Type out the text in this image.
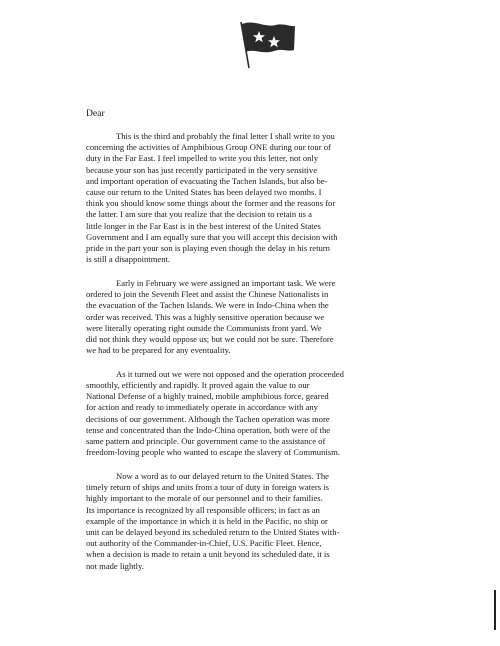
Dear

This is the third and probably the final letter I shall write to you
concerning the activities of Amphibious Group ONE during our tour of
duty in the Far East. I feel impelled to write you this letter, not only
because your son has just recently participated in the very sensitive
and important operation of evacuating the Tachen Islands, but also be-
cause our return to the United States has been delayed two months. I
think you should know some things about the former and the reasons for
the latter. I am sure that you realize that the decision to retain us a
little longer in the Far East is in the best interest of the United States
Government and I am equally sure that you will accept this decision with
pride in the part your son is playing even though the delay in his return
is still a disappointment.
Early in February we were assigned an important task. We were
ordered to join the Seventh Fleet and assist the Chinese Nationalists in
the evacuation of the Tachen Islands. We were in Indo-China when the
order was received. This was a highly sensitive operation because we
were literally operating right outside the Communists front yard. We
did not think they would oppose us; but we could not be sure. Therefore
we had to be prepared for any eventuality.
As it turned out we were not opposed and the operation proceeded
smoothly, efficiently and rapidly. It proved again the value to our
National Defense of a highly trained, mobile amphibious force, geared
for action and ready to immediately operate in accordance with any
decisions of our government. Although the Tachen operation was more
tense and concentrated than the Indo-China operation, both were of the
same pattern and principle. Our government came to the assistance of
freedom-loving people who wanted to escape the slavery of Communism.
Now a word as to our delayed return to the United States. The
timely return of ships and units from a tour of duty in foreign waters is
highly important to the morale of our personnel and to their families.
Its importance is recognized by all responsible officers; in fact as an
example of the importance in which it is held in the Pacific, no ship or
unit can be delayed beyond its scheduled return to the United States with-
out authority of the Commander-in-Chief, U.S. Pacific Fleet. Hence,
when a decision is made to retain a unit beyond its scheduled date, it is
not made lightly.
